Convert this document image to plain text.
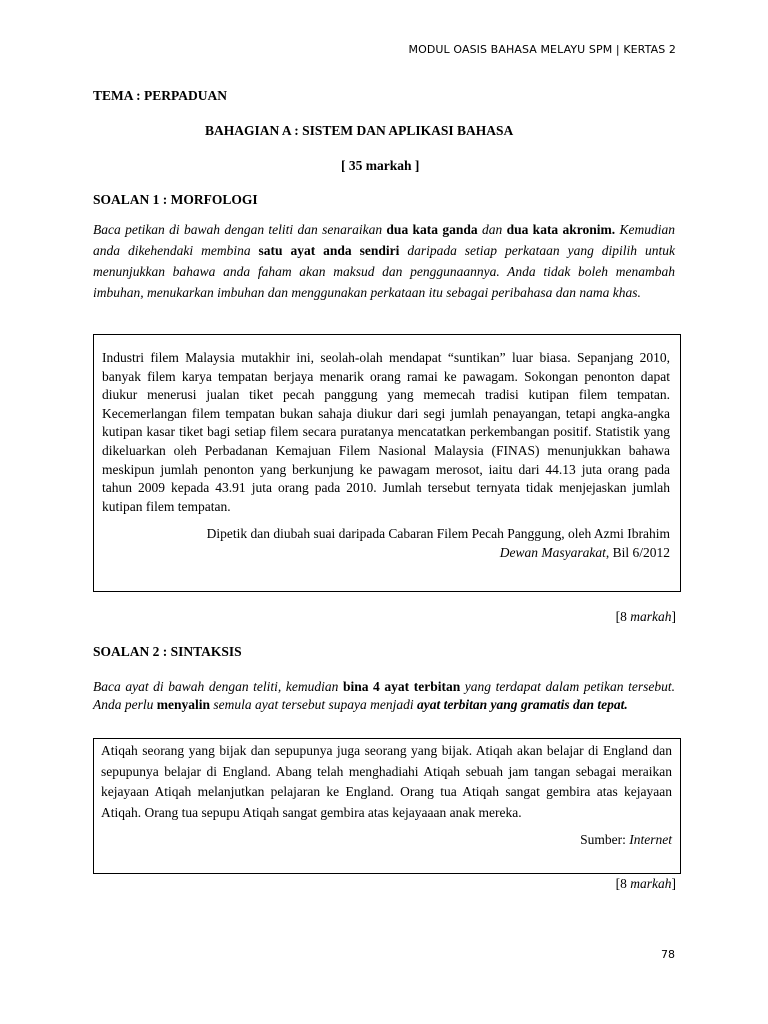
MODUL OASIS BAHASA MELAYU SPM | KERTAS 2
TEMA : PERPADUAN
BAHAGIAN A : SISTEM DAN APLIKASI BAHASA
[ 35 markah ]
SOALAN 1 : MORFOLOGI
Baca petikan di bawah dengan teliti dan senaraikan dua kata ganda dan dua kata akronim. Kemudian anda dikehendaki membina satu ayat anda sendiri daripada setiap perkataan yang dipilih untuk menunjukkan bahawa anda faham akan maksud dan penggunaannya. Anda tidak boleh menambah imbuhan, menukarkan imbuhan dan menggunakan perkataan itu sebagai peribahasa dan nama khas.
Industri filem Malaysia mutakhir ini, seolah-olah mendapat “suntikan” luar biasa. Sepanjang 2010, banyak filem karya tempatan berjaya menarik orang ramai ke pawagam. Sokongan penonton dapat diukur menerusi jualan tiket pecah panggung yang memecah tradisi kutipan filem tempatan. Kecemerlangan filem tempatan bukan sahaja diukur dari segi jumlah penayangan, tetapi angka-angka kutipan kasar tiket bagi setiap filem secara puratanya mencatatkan perkembangan positif. Statistik yang dikeluarkan oleh Perbadanan Kemajuan Filem Nasional Malaysia (FINAS) menunjukkan bahawa meskipun jumlah penonton yang berkunjung ke pawagam merosot, iaitu dari 44.13 juta orang pada tahun 2009 kepada 43.91 juta orang pada 2010. Jumlah tersebut ternyata tidak menjejaskan jumlah kutipan filem tempatan.
Dipetik dan diubah suai daripada Cabaran Filem Pecah Panggung, oleh Azmi Ibrahim
Dewan Masyarakat, Bil 6/2012
[8 markah]
SOALAN 2 : SINTAKSIS
Baca ayat di bawah dengan teliti, kemudian bina 4 ayat terbitan yang terdapat dalam petikan tersebut. Anda perlu menyalin semula ayat tersebut supaya menjadi ayat terbitan yang gramatis dan tepat.
Atiqah seorang yang bijak dan sepupunya juga seorang yang bijak. Atiqah akan belajar di England dan sepupunya belajar di England. Abang telah menghadiahi Atiqah sebuah jam tangan sebagai meraikan kejayaan Atiqah melanjutkan pelajaran ke England. Orang tua Atiqah sangat gembira atas kejayaan Atiqah. Orang tua sepupu Atiqah sangat gembira atas kejayaaan anak mereka.
Sumber: Internet
[8 markah]
78
